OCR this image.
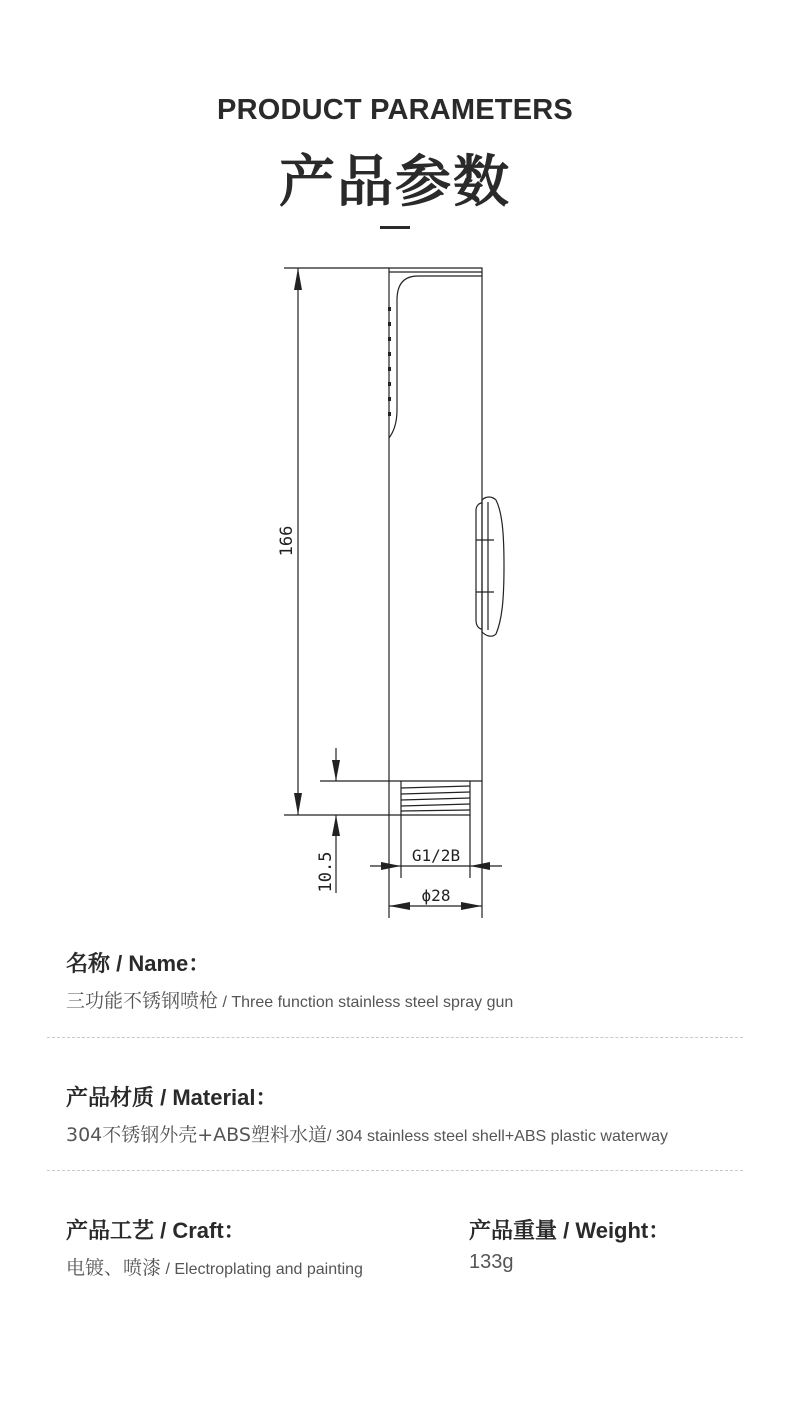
PRODUCT PARAMETERS
产品参数
166
10.5	G1/2B
ϕ28
名称 / Name：
三功能不锈钢喷枪 / Three function stainless steel spray gun
产品材质 / Material：
304不锈钢外壳+ABS塑料水道/ 304 stainless steel shell+ABS plastic waterway
产品工艺 / Craft：
电镀、喷漆 / Electroplating and painting
产品重量 / Weight：
133g
